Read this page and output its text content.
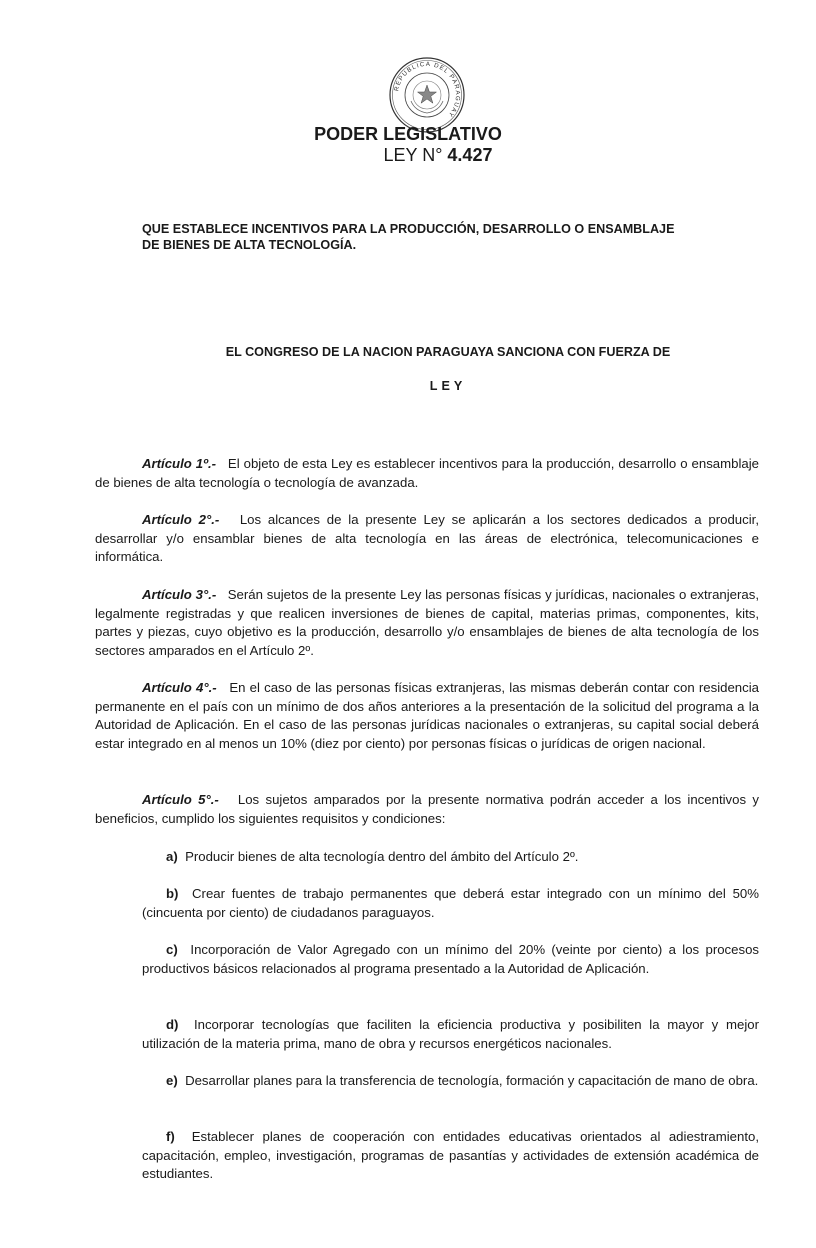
REPUBLICA DEL PARAGUAY
PODER LEGISLATIVO
LEY N° 4.427

QUE ESTABLECE INCENTIVOS PARA LA PRODUCCIÓN, DESARROLLO O ENSAMBLAJE

DE BIENES DE ALTA TECNOLOGÍA.

EL CONGRESO DE LA NACION PARAGUAYA SANCIONA CON FUERZA DE
LEY

Artículo 1º.- El objeto de esta Ley es establecer incentivos para la producción, desarrollo o ensamblaje de bienes de alta tecnología o tecnología de avanzada.

Artículo 2°.- Los alcances de la presente Ley se aplicarán a los sectores dedicados a producir, desarrollar y/o ensamblar bienes de alta tecnología en las áreas de electrónica, telecomunicaciones e informática.

Artículo 3°.- Serán sujetos de la presente Ley las personas físicas y jurídicas, nacionales o extranjeras, legalmente registradas y que realicen inversiones de bienes de capital, materias primas, componentes, kits, partes y piezas, cuyo objetivo es la producción, desarrollo y/o ensamblajes de bienes de alta tecnología de los sectores amparados en el Artículo 2º.

Artículo 4°.- En el caso de las personas físicas extranjeras, las mismas deberán contar con residencia permanente en el país con un mínimo de dos años anteriores a la presentación de la solicitud del programa a la Autoridad de Aplicación. En el caso de las personas jurídicas nacionales o extranjeras, su capital social deberá estar integrado en al menos un 10% (diez por ciento) por personas físicas o jurídicas de origen nacional.

Artículo 5°.- Los sujetos amparados por la presente normativa podrán acceder a los incentivos y beneficios, cumplido los siguientes requisitos y condiciones:

a) Producir bienes de alta tecnología dentro del ámbito del Artículo 2º.

b) Crear fuentes de trabajo permanentes que deberá estar integrado con un mínimo del 50% (cincuenta por ciento) de ciudadanos paraguayos.

c) Incorporación de Valor Agregado con un mínimo del 20% (veinte por ciento) a los procesos productivos básicos relacionados al programa presentado a la Autoridad de Aplicación.

d) Incorporar tecnologías que faciliten la eficiencia productiva y posibiliten la mayor y mejor utilización de la materia prima, mano de obra y recursos energéticos nacionales.

e) Desarrollar planes para la transferencia de tecnología, formación y capacitación de mano de obra.

f) Establecer planes de cooperación con entidades educativas orientados al adiestramiento, capacitación, empleo, investigación, programas de pasantías y actividades de extensión académica de estudiantes.
